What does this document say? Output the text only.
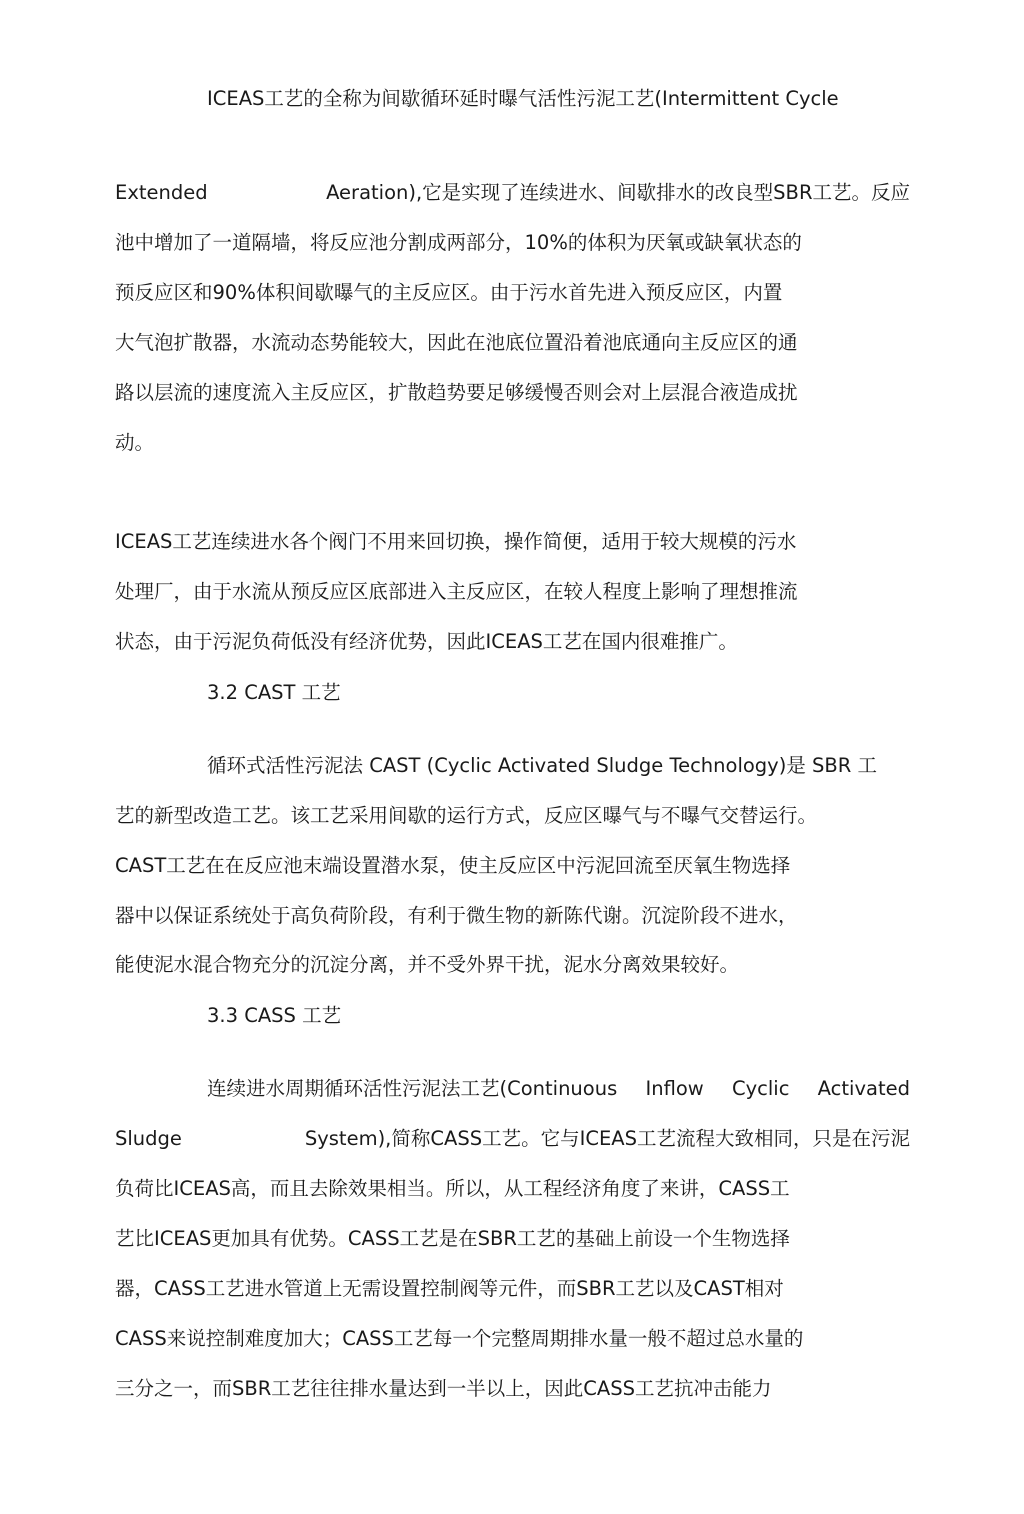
ICEAS工艺的全称为间歇循环延时曝气活性污泥工艺(Intermittent Cycle
Extended	Aeration),它是实现了连续进水、间歇排水的改良型SBR工艺。反应
池中增加了一道隔墙，将反应池分割成两部分，10%的体积为厌氧或缺氧状态的
预反应区和90%体积间歇曝气的主反应区。由于污水首先进入预反应区，内置
大气泡扩散器，水流动态势能较大，因此在池底位置沿着池底通向主反应区的通
路以层流的速度流入主反应区，扩散趋势要足够缓慢否则会对上层混合液造成扰
动。
ICEAS工艺连续进水各个阀门不用来回切换，操作简便，适用于较大规模的污水
处理厂，由于水流从预反应区底部进入主反应区，在较人程度上影响了理想推流
状态，由于污泥负荷低没有经济优势，因此ICEAS工艺在国内很难推广。
3.2 CAST 工艺
循环式活性污泥法 CAST (Cyclic Activated Sludge Technology)是 SBR 工
艺的新型改造工艺。该工艺采用间歇的运行方式，反应区曝气与不曝气交替运行。
CAST工艺在在反应池末端设置潜水泵，使主反应区中污泥回流至厌氧生物选择
器中以保证系统处于高负荷阶段，有利于微生物的新陈代谢。沉淀阶段不进水，
能使泥水混合物充分的沉淀分离，并不受外界干扰，泥水分离效果较好。
3.3 CASS 工艺
连续进水周期循环活性污泥法工艺(Continuous Inflow Cyclic Activated
Sludge	System),简称CASS工艺。它与ICEAS工艺流程大致相同，只是在污泥
负荷比ICEAS高，而且去除效果相当。所以，从工程经济角度了来讲，CASS工
艺比ICEAS更加具有优势。CASS工艺是在SBR工艺的基础上前设一个生物选择
器，CASS工艺进水管道上无需设置控制阀等元件，而SBR工艺以及CAST相对
CASS来说控制难度加大；CASS工艺每一个完整周期排水量一般不超过总水量的
三分之一，而SBR工艺往往排水量达到一半以上，因此CASS工艺抗冲击能力
